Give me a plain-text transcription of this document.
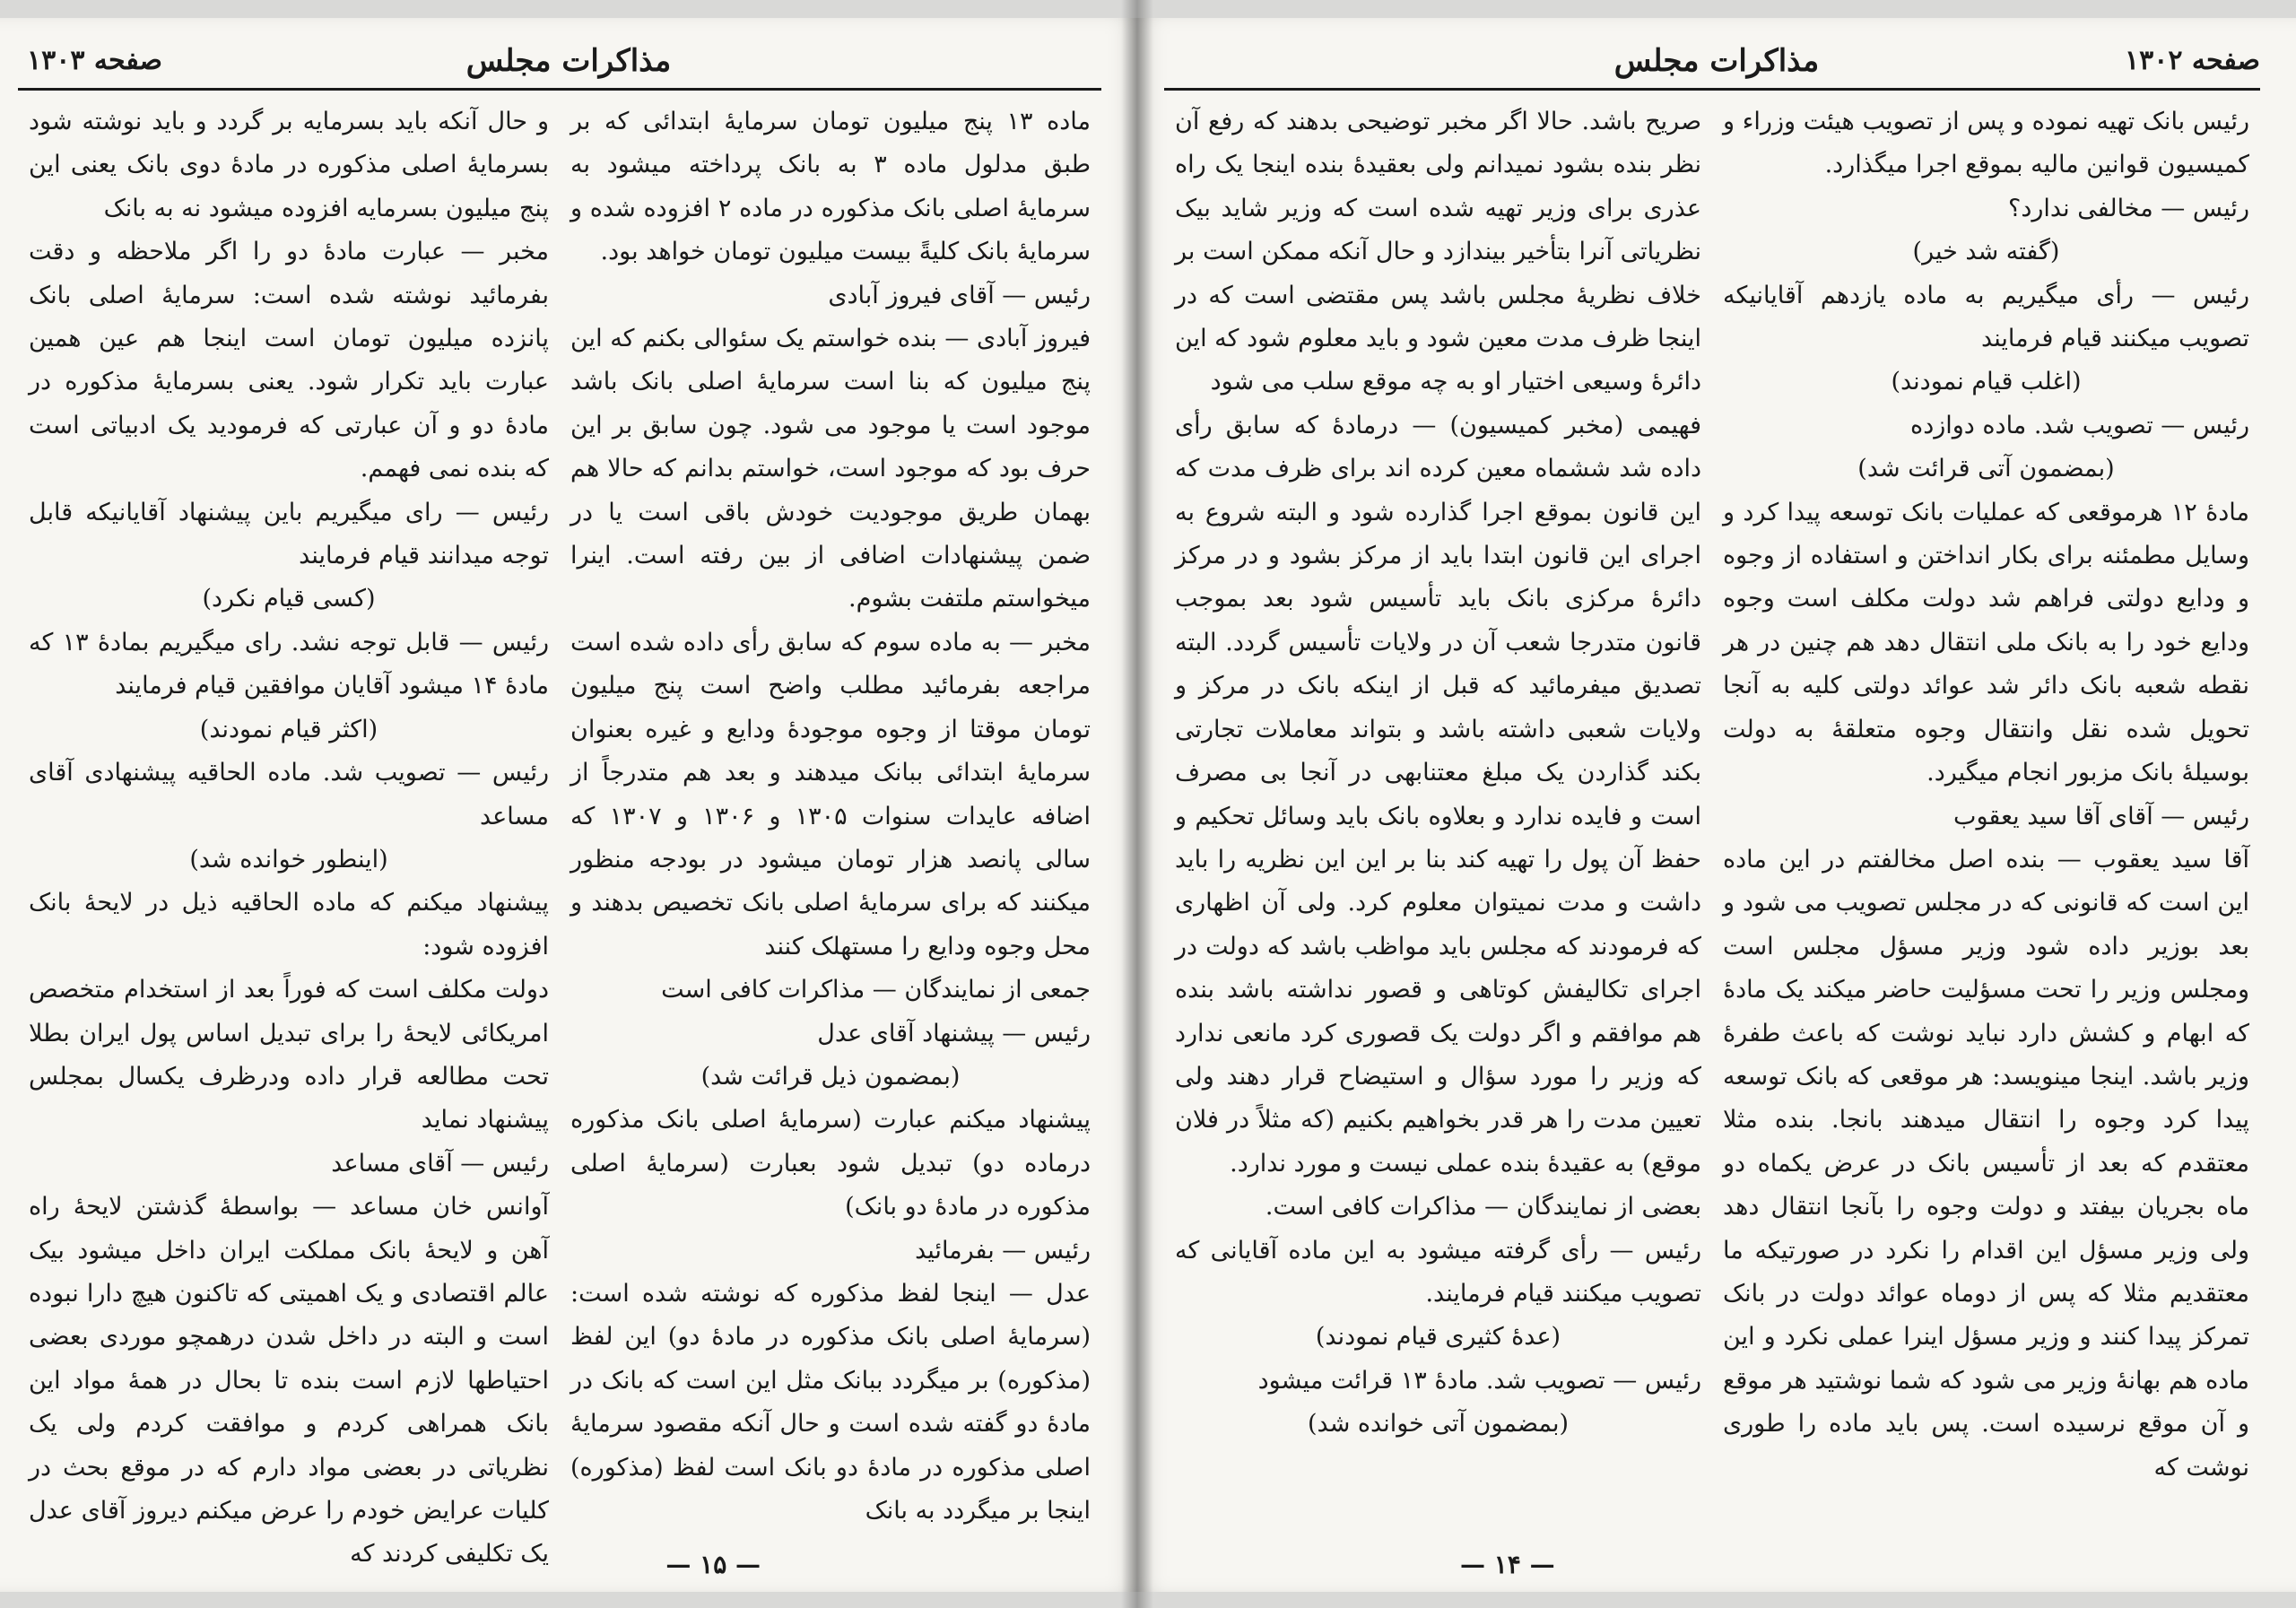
مذاکرات مجلس
صفحه ۱۳۰۳

ماده ۱۳ پنج میلیون تومان سرمایهٔ ابتدائی که بر طبق مدلول ماده ۳ به بانک پرداخته میشود به سرمایهٔ اصلی بانک مذکوره در ماده ۲ افزوده شده و سرمایهٔ بانک کلیةً بیست میلیون تومان خواهد بود.

رئیس — آقای فیروز آبادی

فیروز آبادی — بنده خواستم یک سئوالی بکنم که این پنج میلیون که بنا است سرمایهٔ اصلی بانک باشد موجود است یا موجود می شود. چون سابق بر این حرف بود که موجود است، خواستم بدانم که حالا هم بهمان طریق موجودیت خودش باقی است یا در ضمن پیشنهادات اضافی از بین رفته است. اینرا میخواستم ملتفت بشوم.

مخبر — به ماده سوم که سابق رأی داده شده است مراجعه بفرمائید مطلب واضح است پنج میلیون تومان موقتا از وجوه موجودهٔ ودایع و غیره بعنوان سرمایهٔ ابتدائی ببانک میدهند و بعد هم متدرجاً از اضافه عایدات سنوات ۱۳۰۵ و ۱۳۰۶ و ۱۳۰۷ که سالی پانصد هزار تومان میشود در بودجه منظور میکنند که برای سرمایهٔ اصلی بانک تخصیص بدهند و محل وجوه ودایع را مستهلک کنند

جمعی از نمایندگان — مذاکرات کافی است

رئیس — پیشنهاد آقای عدل

(بمضمون ذیل قرائت شد)

پیشنهاد میکنم عبارت (سرمایهٔ اصلی بانک مذکوره درماده دو) تبدیل شود بعبارت (سرمایهٔ اصلی مذکوره در مادهٔ دو بانک)

رئیس — بفرمائید

عدل — اینجا لفظ مذکوره که نوشته شده است: (سرمایهٔ اصلی بانک مذکوره در مادهٔ دو) این لفظ (مذکوره) بر میگردد ببانک مثل این است که بانک در مادهٔ دو گفته شده است و حال آنکه مقصود سرمایهٔ اصلی مذکوره در مادهٔ دو بانک است لفظ (مذکوره) اینجا بر میگردد به بانک

و حال آنکه باید بسرمایه بر گردد و باید نوشته شود بسرمایهٔ اصلی مذکوره در مادهٔ دوی بانک یعنی این پنج میلیون بسرمایه افزوده میشود نه به بانک

مخبر — عبارت مادهٔ دو را اگر ملاحظه و دقت بفرمائید نوشته شده است: سرمایهٔ اصلی بانک پانزده میلیون تومان است اینجا هم عین همین عبارت باید تکرار شود. یعنی بسرمایهٔ مذکوره در مادهٔ دو و آن عبارتی که فرمودید یک ادبیاتی است که بنده نمی فهمم.

رئیس — رای میگیریم باین پیشنهاد آقایانیکه قابل توجه میدانند قیام فرمایند

(کسی قیام نکرد)

رئیس — قابل توجه نشد. رای میگیریم بمادهٔ ۱۳ که مادهٔ ۱۴ میشود آقایان موافقین قیام فرمایند

(اکثر قیام نمودند)

رئیس — تصویب شد. ماده الحاقیه پیشنهادی آقای مساعد

(اینطور خوانده شد)

پیشنهاد میکنم که ماده الحاقیه ذیل در لایحهٔ بانک افزوده شود:

دولت مکلف است که فوراً بعد از استخدام متخصص امریکائی لایحهٔ را برای تبدیل اساس پول ایران بطلا تحت مطالعه قرار داده ودرظرف یکسال بمجلس پیشنهاد نماید

رئیس — آقای مساعد

آوانس خان مساعد — بواسطهٔ گذشتن لایحهٔ راه آهن و لایحهٔ بانک مملکت ایران داخل میشود بیک عالم اقتصادی و یک اهمیتی که تاکنون هیچ دارا نبوده است و البته در داخل شدن درهمچو موردی بعضی احتیاطها لازم است بنده تا بحال در همهٔ مواد این بانک همراهی کردم و موافقت کردم ولی یک نظریاتی در بعضی مواد دارم که در موقع بحث در کلیات عرایض خودم را عرض میکنم دیروز آقای عدل یک تکلیفی کردند که	— ۱۵ —
مذاکرات مجلس	صفحه ۱۳۰۲

رئیس بانک تهیه نموده و پس از تصویب هیئت وزراء و کمیسیون قوانین مالیه بموقع اجرا میگذارد.

رئیس — مخالفی ندارد؟

(گفته شد خیر)

رئیس — رأی میگیریم به ماده یازدهم آقایانیکه تصویب میکنند قیام فرمایند

(اغلب قیام نمودند)

رئیس — تصویب شد. ماده دوازده

(بمضمون آتی قرائت شد)

مادهٔ ۱۲ هرموقعی که عملیات بانک توسعه پیدا کرد و وسایل مطمئنه برای بکار انداختن و استفاده از وجوه و ودایع دولتی فراهم شد دولت مکلف است وجوه ودایع خود را به بانک ملی انتقال دهد هم چنین در هر نقطه شعبه بانک دائر شد عوائد دولتی کلیه به آنجا تحویل شده نقل وانتقال وجوه متعلقهٔ به دولت بوسیلهٔ بانک مزبور انجام میگیرد.

رئیس — آقای آقا سید یعقوب

آقا سید یعقوب — بنده اصل مخالفتم در این ماده این است که قانونی که در مجلس تصویب می شود و بعد بوزیر داده شود وزیر مسؤل مجلس است ومجلس وزیر را تحت مسؤلیت حاضر میکند یک مادهٔ که ابهام و کشش دارد نباید نوشت که باعث طفرهٔ وزیر باشد. اینجا مینویسد: هر موقعی که بانک توسعه پیدا کرد وجوه را انتقال میدهند بانجا. بنده مثلا معتقدم که بعد از تأسیس بانک در عرض یکماه دو ماه بجریان بیفتد و دولت وجوه را بآنجا انتقال دهد ولی وزیر مسؤل این اقدام را نکرد در صورتیکه ما معتقدیم مثلا که پس از دوماه عوائد دولت در بانک تمرکز پیدا کنند و وزیر مسؤل اینرا عملی نکرد و این ماده هم بهانهٔ وزیر می شود که شما نوشتید هر موقع و آن موقع نرسیده است. پس باید ماده را طوری نوشت که

صریح باشد. حالا اگر مخبر توضیحی بدهند که رفع آن نظر بنده بشود نمیدانم ولی بعقیدهٔ بنده اینجا یک راه عذری برای وزیر تهیه شده است که وزیر شاید بیک نظریاتی آنرا بتأخیر بیندازد و حال آنکه ممکن است بر خلاف نظریهٔ مجلس باشد پس مقتضی است که در اینجا ظرف مدت معین شود و باید معلوم شود که این دائرهٔ وسیعی اختیار او به چه موقع سلب می شود

فهیمی (مخبر کمیسیون) — درمادهٔ که سابق رأی داده شد ششماه معین کرده اند برای ظرف مدت که این قانون بموقع اجرا گذارده شود و البته شروع به اجرای این قانون ابتدا باید از مرکز بشود و در مرکز دائرهٔ مرکزی بانک باید تأسیس شود بعد بموجب قانون متدرجا شعب آن در ولایات تأسیس گردد. البته تصدیق میفرمائید که قبل از اینکه بانک در مرکز و ولایات شعبی داشته باشد و بتواند معاملات تجارتی بکند گذاردن یک مبلغ معتنابهی در آنجا بی مصرف است و فایده ندارد و بعلاوه بانک باید وسائل تحکیم و حفظ آن پول را تهیه کند بنا بر این این نظریه را باید داشت و مدت نمیتوان معلوم کرد. ولی آن اظهاری که فرمودند که مجلس باید مواظب باشد که دولت در اجرای تکالیفش کوتاهی و قصور نداشته باشد بنده هم موافقم و اگر دولت یک قصوری کرد مانعی ندارد که وزیر را مورد سؤال و استیضاح قرار دهند ولی تعیین مدت را هر قدر بخواهیم بکنیم (که مثلاً در فلان موقع) به عقیدهٔ بنده عملی نیست و مورد ندارد.

بعضی از نمایندگان — مذاکرات کافی است.

رئیس — رأی گرفته میشود به این ماده آقایانی که تصویب میکنند قیام فرمایند.

(عدهٔ کثیری قیام نمودند)

رئیس — تصویب شد. مادهٔ ۱۳ قرائت میشود

(بمضمون آتی خوانده شد)

— ۱۴ —
